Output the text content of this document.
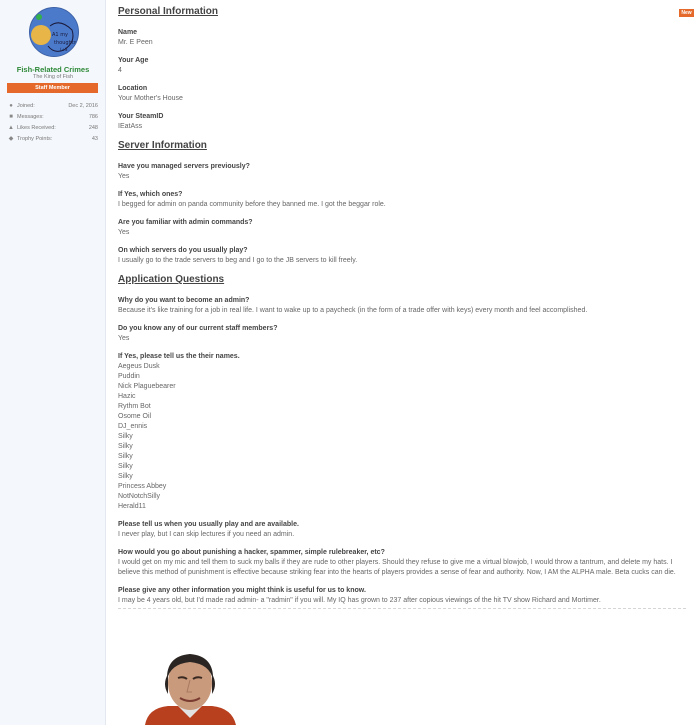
A1 my
thoughts
(+S
Fish-Related Crimes
The King of Fish
Staff Member
● Joined:	Dec 2, 2016
■ Messages:	786
▲ Likes Received:	248
◆ Trophy Points:	43
New
Personal Information
Name
Mr. E Peen
Your Age
4
Location
Your Mother's House
Your SteamID
IEatAss
Server Information
Have you managed servers previously?
Yes
If Yes, which ones?
I begged for admin on panda community before they banned me. I got the beggar role.
Are you familiar with admin commands?
Yes
On which servers do you usually play?
I usually go to the trade servers to beg and I go to the JB servers to kill freely.
Application Questions
Why do you want to become an admin?
Because it's like training for a job in real life. I want to wake up to a paycheck (in the form of a trade offer with keys) every month and feel accomplished.
Do you know any of our current staff members?
Yes
If Yes, please tell us the their names.
Aegeus Dusk
Puddin
Nick Plaguebearer
Hazic
Rythm Bot
Osome Oil
DJ_ennis
Silky
Silky
Silky
Silky
Silky
Princess Abbey
NotNotchSilly
Herald11
Please tell us when you usually play and are available.
I never play, but I can skip lectures if you need an admin.
How would you go about punishing a hacker, spammer, simple rulebreaker, etc?
I would get on my mic and tell them to suck my balls if they are rude to other players. Should they refuse to give me a virtual blowjob, I would throw a tantrum, and delete my hats. I believe this method of punishment is effective because striking fear into the hearts of players provides a sense of fear and authority. Now, I AM the ALPHA male. Beta cucks can die.
Please give any other information you might think is useful for us to know.
I may be 4 years old, but I'd made rad admin- a "radmin" if you will. My IQ has grown to 237 after copious viewings of the hit TV show Richard and Mortimer.
